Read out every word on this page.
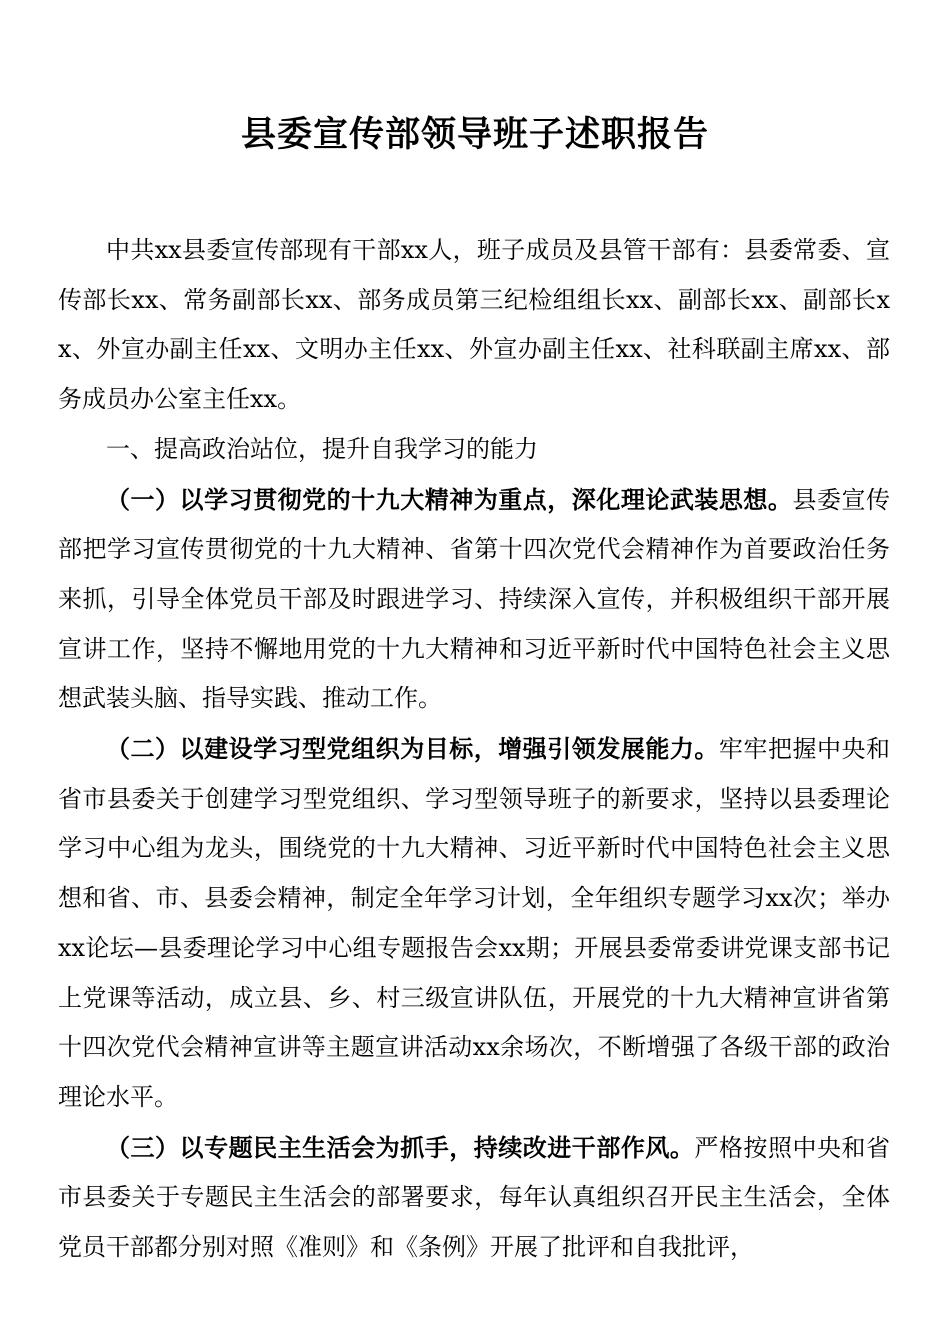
县委宣传部领导班子述职报告

中共xx县委宣传部现有干部xx人，班子成员及县管干部有：县委常委、宣传部长xx、常务副部长xx、部务成员第三纪检组组长xx、副部长xx、副部长xx、外宣办副主任xx、文明办主任xx、外宣办副主任xx、社科联副主席xx、部务成员办公室主任xx。

一、提高政治站位，提升自我学习的能力

（一）以学习贯彻党的十九大精神为重点，深化理论武装思想。县委宣传部把学习宣传贯彻党的十九大精神、省第十四次党代会精神作为首要政治任务来抓，引导全体党员干部及时跟进学习、持续深入宣传，并积极组织干部开展宣讲工作，坚持不懈地用党的十九大精神和习近平新时代中国特色社会主义思想武装头脑、指导实践、推动工作。

（二）以建设学习型党组织为目标，增强引领发展能力。牢牢把握中央和省市县委关于创建学习型党组织、学习型领导班子的新要求，坚持以县委理论学习中心组为龙头，围绕党的十九大精神、习近平新时代中国特色社会主义思想和省、市、县委会精神，制定全年学习计划，全年组织专题学习xx次；举办xx论坛—县委理论学习中心组专题报告会xx期；开展县委常委讲党课支部书记上党课等活动，成立县、乡、村三级宣讲队伍，开展党的十九大精神宣讲省第十四次党代会精神宣讲等主题宣讲活动xx余场次，不断增强了各级干部的政治理论水平。

（三）以专题民主生活会为抓手，持续改进干部作风。严格按照中央和省市县委关于专题民主生活会的部署要求，每年认真组织召开民主生活会，全体党员干部都分别对照《准则》和《条例》开展了批评和自我批评，
